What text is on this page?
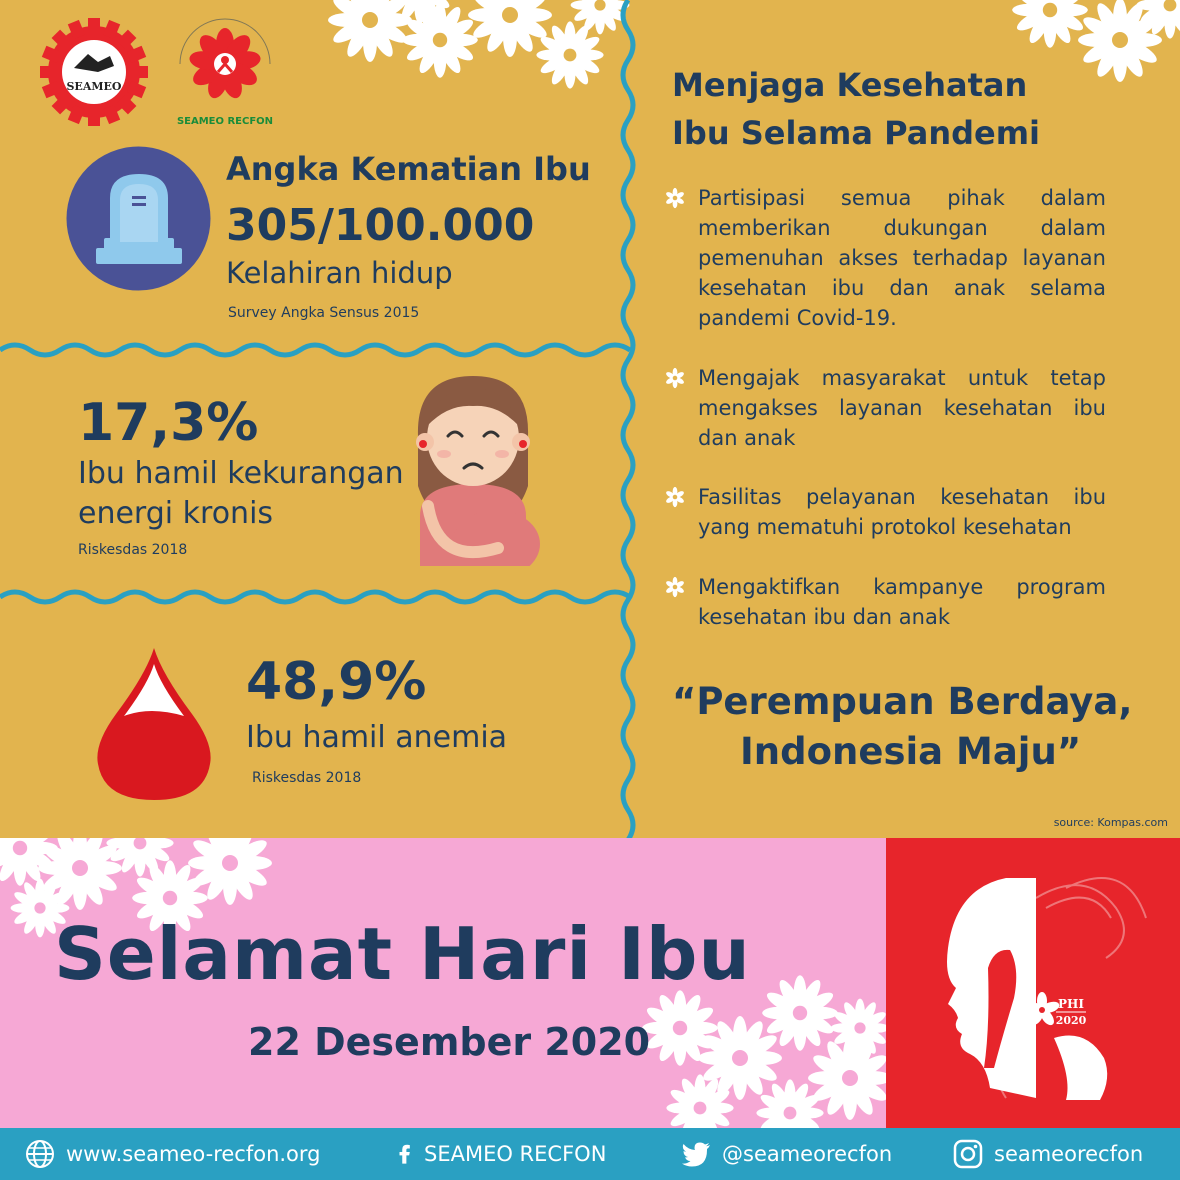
SEAMEO
SEAMEO RECFON
Angka Kematian Ibu
305/100.000
Kelahiran hidup
Survey Angka Sensus 2015
17,3%
Ibu hamil kekurangan
energi kronis
Riskesdas 2018
48,9%
Ibu hamil anemia
Riskesdas 2018
Menjaga Kesehatan
Ibu Selama Pandemi
Partisipasi semua pihak dalam memberikan dukungan dalam pemenuhan akses terhadap layanan kesehatan ibu dan anak selama pandemi Covid-19.
Mengajak masyarakat untuk tetap mengakses layanan kesehatan ibu dan anak
Fasilitas pelayanan kesehatan ibu yang mematuhi protokol kesehatan
Mengaktifkan kampanye program kesehatan ibu dan anak
“Perempuan Berdaya,
Indonesia Maju”
source: Kompas.com
Selamat Hari Ibu
22 Desember 2020
PHI
2020
www.seameo-recfon.org	SEAMEO RECFON	@seameorecfon	seameorecfon
